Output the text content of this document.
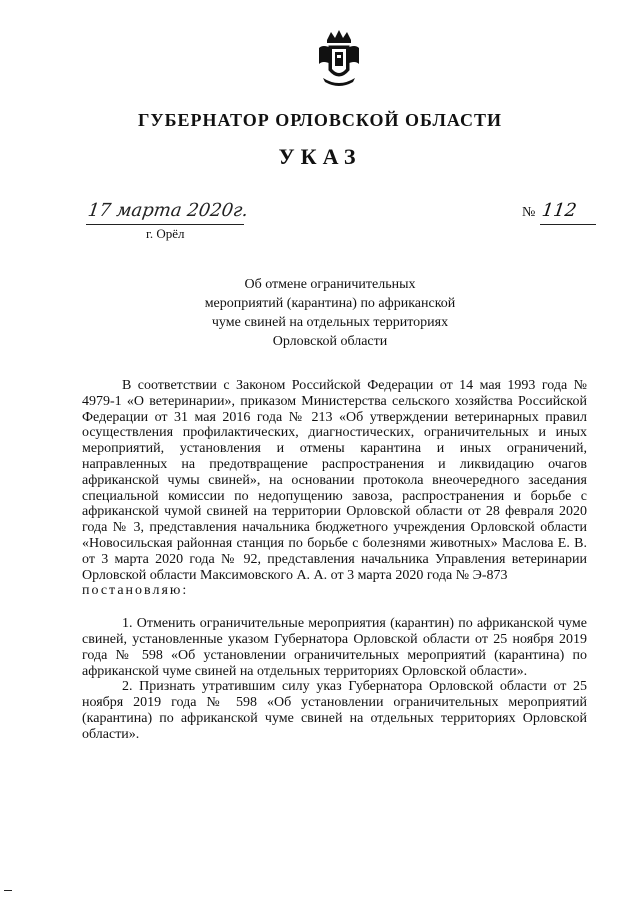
ГУБЕРНАТОР ОРЛОВСКОЙ ОБЛАСТИ
УКАЗ
17 марта 2020г.
г. Орёл
№ 112
Об отмене ограничительных
мероприятий (карантина) по африканской
чуме свиней на отдельных территориях
Орловской области

В соответствии с Законом Российской Федерации от 14 мая 1993 года № 4979-1 «О ветеринарии», приказом Министерства сельского хозяйства Российской Федерации от 31 мая 2016 года № 213 «Об утверждении ветеринарных правил осуществления профилактических, диагностических, ограничительных и иных мероприятий, установления и отмены карантина и иных ограничений, направленных на предотвращение распространения и ликвидацию очагов африканской чумы свиней», на основании протокола внеочередного заседания специальной комиссии по недопущению завоза, распространения и борьбе с африканской чумой свиней на территории Орловской области от 28 февраля 2020 года № 3, представления начальника бюджетного учреждения Орловской области «Новосильская районная станция по борьбе с болезнями животных» Маслова Е. В. от 3 марта 2020 года № 92, представления начальника Управления ветеринарии Орловской области Максимовского А. А. от 3 марта 2020 года № Э-873

постановляю:

1. Отменить ограничительные мероприятия (карантин) по африканской чуме свиней, установленные указом Губернатора Орловской области от 25 ноября 2019 года № 598 «Об установлении ограничительных мероприятий (карантина) по африканской чуме свиней на отдельных территориях Орловской области».

2. Признать утратившим силу указ Губернатора Орловской области от 25 ноября 2019 года № 598 «Об установлении ограничительных мероприятий (карантина) по африканской чуме свиней на отдельных территориях Орловской области».
